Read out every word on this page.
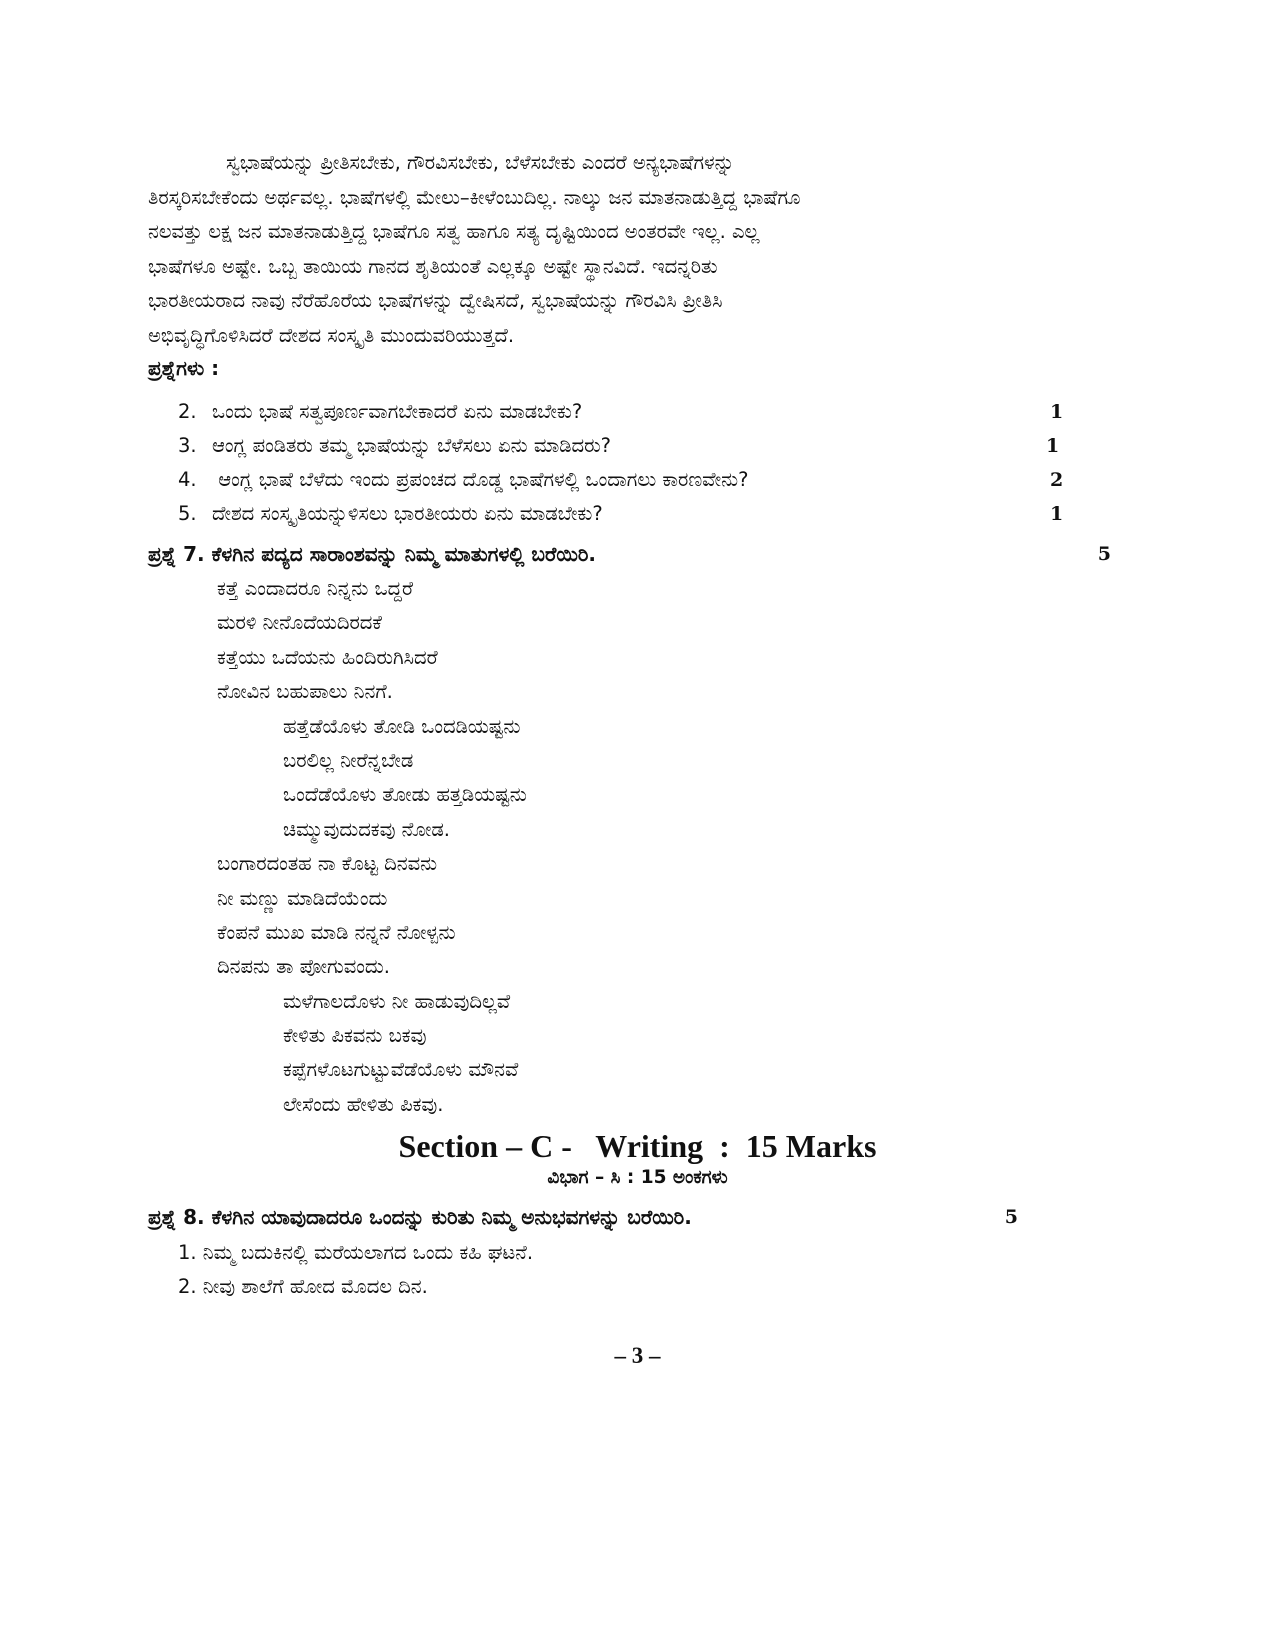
ಸ್ವಭಾಷೆಯನ್ನು ಪ್ರೀತಿಸಬೇಕು, ಗೌರವಿಸಬೇಕು, ಬೆಳೆಸಬೇಕು ಎಂದರೆ ಅನ್ಯಭಾಷೆಗಳನ್ನು
ತಿರಸ್ಕರಿಸಬೇಕೆಂದು ಅರ್ಥವಲ್ಲ. ಭಾಷೆಗಳಲ್ಲಿ ಮೇಲು–ಕೀಳೆಂಬುದಿಲ್ಲ. ನಾಲ್ಕು ಜನ ಮಾತನಾಡುತ್ತಿದ್ದ ಭಾಷೆಗೂ
ನಲವತ್ತು ಲಕ್ಷ ಜನ ಮಾತನಾಡುತ್ತಿದ್ದ ಭಾಷೆಗೂ ಸತ್ವ ಹಾಗೂ ಸತ್ಯ ದೃಷ್ಟಿಯಿಂದ ಅಂತರವೇ ಇಲ್ಲ. ಎಲ್ಲ
ಭಾಷೆಗಳೂ ಅಷ್ಟೇ. ಒಬ್ಬ ತಾಯಿಯ ಗಾನದ ಶೃತಿಯಂತೆ ಎಲ್ಲಕ್ಕೂ ಅಷ್ಟೇ ಸ್ಥಾನವಿದೆ. ಇದನ್ನರಿತು
ಭಾರತೀಯರಾದ ನಾವು ನೆರೆಹೊರೆಯ ಭಾಷೆಗಳನ್ನು ದ್ವೇಷಿಸದೆ, ಸ್ವಭಾಷೆಯನ್ನು ಗೌರವಿಸಿ ಪ್ರೀತಿಸಿ
ಅಭಿವೃದ್ಧಿಗೊಳಿಸಿದರೆ ದೇಶದ ಸಂಸ್ಕೃತಿ ಮುಂದುವರಿಯುತ್ತದೆ.

ಪ್ರಶ್ನೆಗಳು :

2. ಒಂದು ಭಾಷೆ ಸತ್ವಪೂರ್ಣವಾಗಬೇಕಾದರೆ ಏನು ಮಾಡಬೇಕು?	1
3. ಆಂಗ್ಲ ಪಂಡಿತರು ತಮ್ಮ ಭಾಷೆಯನ್ನು ಬೆಳೆಸಲು ಏನು ಮಾಡಿದರು?	1
4. ಆಂಗ್ಲ ಭಾಷೆ ಬೆಳೆದು ಇಂದು ಪ್ರಪಂಚದ ದೊಡ್ಡ ಭಾಷೆಗಳಲ್ಲಿ ಒಂದಾಗಲು ಕಾರಣವೇನು?	2
5. ದೇಶದ ಸಂಸ್ಕೃತಿಯನ್ನುಳಿಸಲು ಭಾರತೀಯರು ಏನು ಮಾಡಬೇಕು?	1

ಪ್ರಶ್ನೆ 7. ಕೆಳಗಿನ ಪದ್ಯದ ಸಾರಾಂಶವನ್ನು ನಿಮ್ಮ ಮಾತುಗಳಲ್ಲಿ ಬರೆಯಿರಿ.	5

ಕತ್ತೆ ಎಂದಾದರೂ ನಿನ್ನನು ಒದ್ದರೆ
ಮರಳಿ ನೀನೊದೆಯದಿರದಕೆ
ಕತ್ತೆಯು ಒದೆಯನು ಹಿಂದಿರುಗಿಸಿದರೆ
ನೋವಿನ ಬಹುಪಾಲು ನಿನಗೆ.
ಹತ್ತೆಡೆಯೊಳು ತೋಡಿ ಒಂದಡಿಯಷ್ಟನು
ಬರಲಿಲ್ಲ ನೀರೆನ್ನಬೇಡ
ಒಂದೆಡೆಯೊಳು ತೋಡು ಹತ್ತಡಿಯಷ್ಟನು
ಚಿಮ್ಮುವುದುದಕವು ನೋಡ.
ಬಂಗಾರದಂತಹ ನಾ ಕೊಟ್ಟ ದಿನವನು
ನೀ ಮಣ್ಣು ಮಾಡಿದೆಯೆಂದು
ಕೆಂಪನೆ ಮುಖ ಮಾಡಿ ನನ್ನನೆ ನೋಳ್ಪನು
ದಿನಪನು ತಾ ಪೋಗುವಂದು.
ಮಳೆಗಾಲದೊಳು ನೀ ಹಾಡುವುದಿಲ್ಲವೆ
ಕೇಳಿತು ಪಿಕವನು ಬಕವು
ಕಪ್ಪೆಗಳೊಟಗುಟ್ಟುವೆಡೆಯೊಳು ಮೌನವೆ
ಲೇಸೆಂದು ಹೇಳಿತು ಪಿಕವು.

Section – C -   Writing  :  15 Marks

ವಿಭಾಗ – ಸಿ : 15 ಅಂಕಗಳು

ಪ್ರಶ್ನೆ 8. ಕೆಳಗಿನ ಯಾವುದಾದರೂ ಒಂದನ್ನು ಕುರಿತು ನಿಮ್ಮ ಅನುಭವಗಳನ್ನು ಬರೆಯಿರಿ.	5

1. ನಿಮ್ಮ ಬದುಕಿನಲ್ಲಿ ಮರೆಯಲಾಗದ ಒಂದು ಕಹಿ ಘಟನೆ.
2. ನೀವು ಶಾಲೆಗೆ ಹೋದ ಮೊದಲ ದಿನ.

– 3 –
